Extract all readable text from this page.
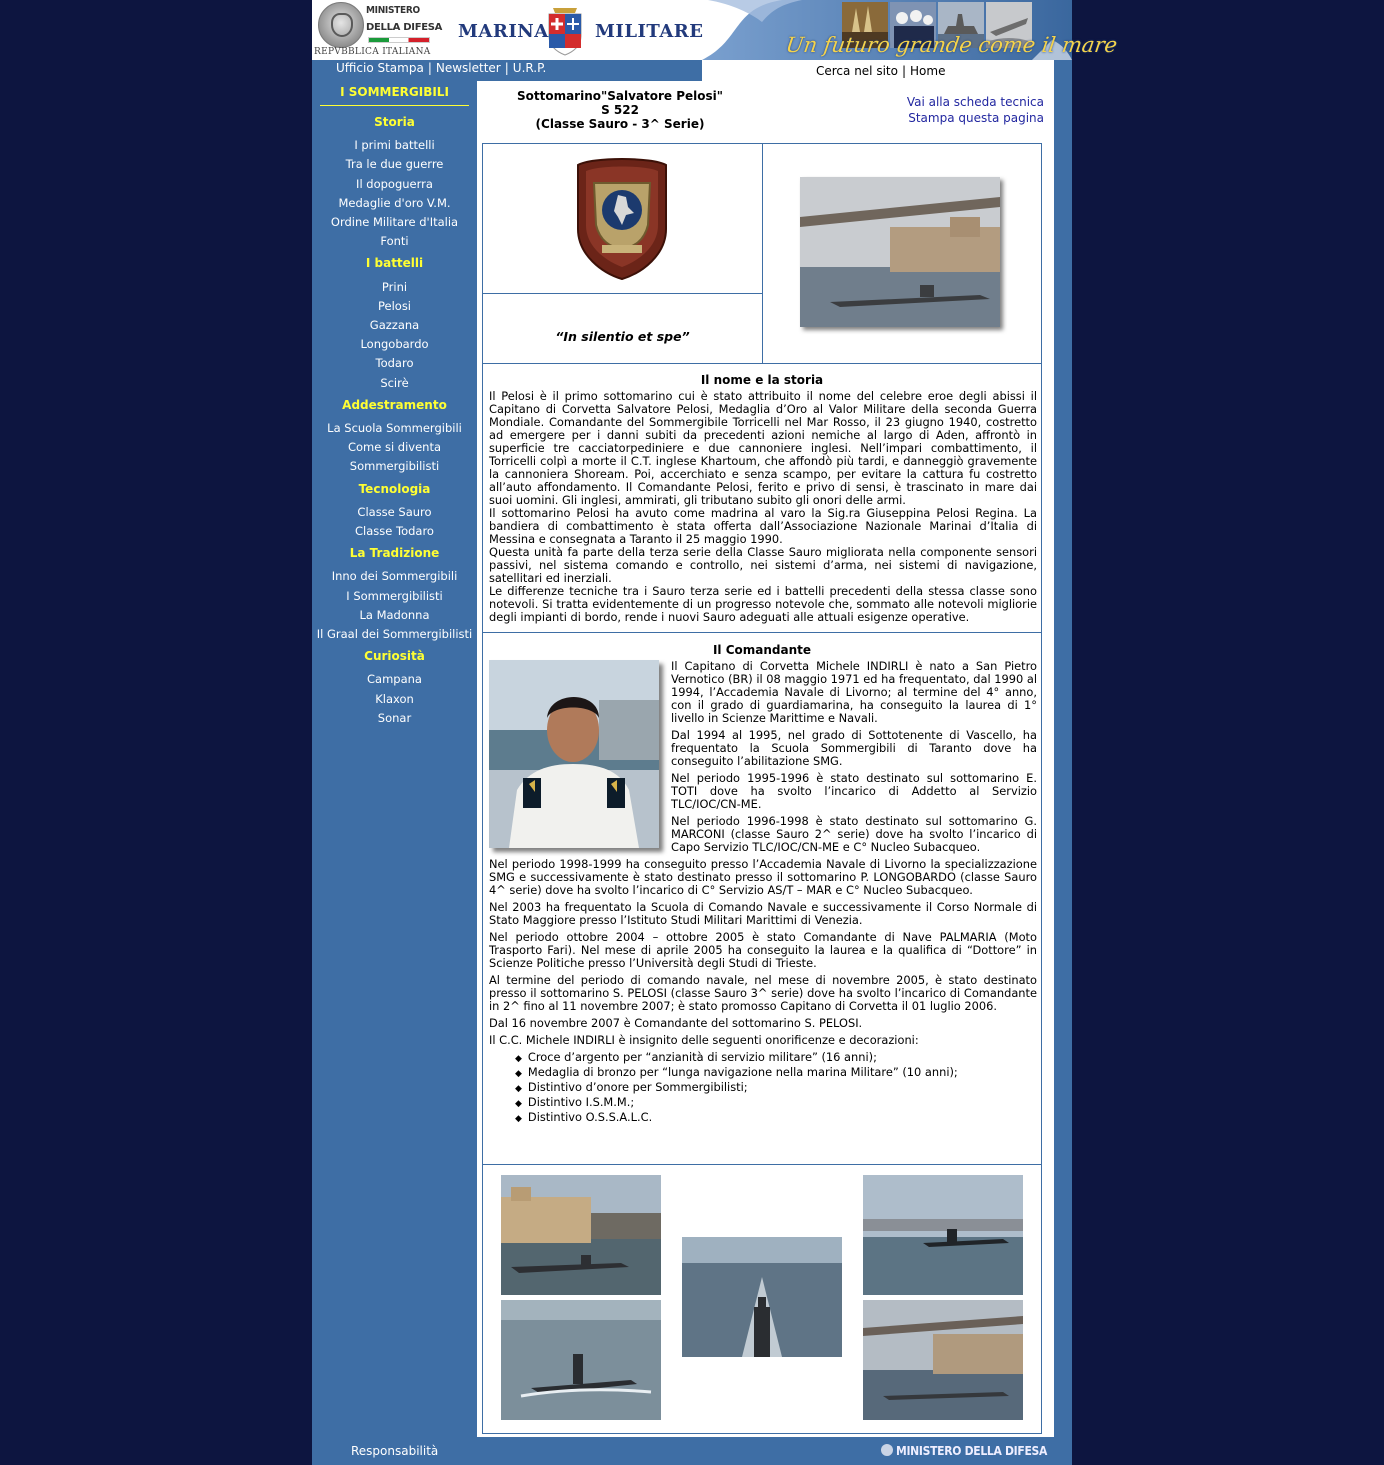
MINISTERO
DELLA DIFESA
REPVBBLICA ITALIANA
MARINA	MILITARE
Un futuro grande come il mare
Ufficio Stampa | Newsletter | U.R.P.	Cerca nel sito | Home
I SOMMERGIBILI
Storia
I primi battelli
Tra le due guerre
Il dopoguerra
Medaglie d'oro V.M.
Ordine Militare d'Italia
Fonti
I battelli
Prini
Pelosi
Gazzana
Longobardo
Todaro
Scirè
Addestramento
La Scuola Sommergibili
Come si diventa
Sommergibilisti
Tecnologia
Classe Sauro
Classe Todaro
La Tradizione
Inno dei Sommergibili
I Sommergibilisti
La Madonna
Il Graal dei Sommergibilisti
Curiosità
Campana
Klaxon
Sonar
Sottomarino"Salvatore Pelosi"
S 522
(Classe Sauro - 3^ Serie)
Vai alla scheda tecnica
Stampa questa pagina
“In silentio et spe”
Il nome e la storia
Il Pelosi è il primo sottomarino cui è stato attribuito il nome del celebre eroe degli abissi il Capitano di Corvetta Salvatore Pelosi, Medaglia d’Oro al Valor Militare della seconda Guerra Mondiale. Comandante del Sommergibile Torricelli nel Mar Rosso, il 23 giugno 1940, costretto ad emergere per i danni subiti da precedenti azioni nemiche al largo di Aden, affrontò in superficie tre cacciatorpediniere e due cannoniere inglesi. Nell’impari combattimento, il Torricelli colpì a morte il C.T. inglese Khartoum, che affondò più tardi, e danneggiò gravemente la cannoniera Shoream. Poi, accerchiato e senza scampo, per evitare la cattura fu costretto all’auto affondamento. Il Comandante Pelosi, ferito e privo di sensi, è trascinato in mare dai suoi uomini. Gli inglesi, ammirati, gli tributano subito gli onori delle armi.
Il sottomarino Pelosi ha avuto come madrina al varo la Sig.ra Giuseppina Pelosi Regina. La bandiera di combattimento è stata offerta dall’Associazione Nazionale Marinai d’Italia di Messina e consegnata a Taranto il 25 maggio 1990.
Questa unità fa parte della terza serie della Classe Sauro migliorata nella componente sensori passivi, nel sistema comando e controllo, nei sistemi d’arma, nei sistemi di navigazione, satellitari ed inerziali.
Le differenze tecniche tra i Sauro terza serie ed i battelli precedenti della stessa classe sono notevoli. Si tratta evidentemente di un progresso notevole che, sommato alle notevoli migliorie degli impianti di bordo, rende i nuovi Sauro adeguati alle attuali esigenze operative.
Il Comandante
Il Capitano di Corvetta Michele INDIRLI è nato a San Pietro Vernotico (BR) il 08 maggio 1971 ed ha frequentato, dal 1990 al 1994, l’Accademia Navale di Livorno; al termine del 4° anno, con il grado di guardiamarina, ha conseguito la laurea di 1° livello in Scienze Marittime e Navali.
Dal 1994 al 1995, nel grado di Sottotenente di Vascello, ha frequentato la Scuola Sommergibili di Taranto dove ha conseguito l’abilitazione SMG.
Nel periodo 1995-1996 è stato destinato sul sottomarino E. TOTI dove ha svolto l’incarico di Addetto al Servizio TLC/IOC/CN-ME.
Nel periodo 1996-1998 è stato destinato sul sottomarino G. MARCONI (classe Sauro 2^ serie) dove ha svolto l’incarico di Capo Servizio TLC/IOC/CN-ME e C° Nucleo Subacqueo.
Nel periodo 1998-1999 ha conseguito presso l’Accademia Navale di Livorno la specializzazione SMG e successivamente è stato destinato presso il sottomarino P. LONGOBARDO (classe Sauro 4^ serie) dove ha svolto l’incarico di C° Servizio AS/T – MAR e C° Nucleo Subacqueo.
Nel 2003 ha frequentato la Scuola di Comando Navale e successivamente il Corso Normale di Stato Maggiore presso l’Istituto Studi Militari Marittimi di Venezia.
Nel periodo ottobre 2004 – ottobre 2005 è stato Comandante di Nave PALMARIA (Moto Trasporto Fari). Nel mese di aprile 2005 ha conseguito la laurea e la qualifica di “Dottore” in Scienze Politiche presso l’Università degli Studi di Trieste.
Al termine del periodo di comando navale, nel mese di novembre 2005, è stato destinato presso il sottomarino S. PELOSI (classe Sauro 3^ serie) dove ha svolto l’incarico di Comandante in 2^ fino al 11 novembre 2007; è stato promosso Capitano di Corvetta il 01 luglio 2006.
Dal 16 novembre 2007 è Comandante del sottomarino S. PELOSI.
Il C.C. Michele INDIRLI è insignito delle seguenti onorificenze e decorazioni:
◆ Croce d’argento per “anzianità di servizio militare” (16 anni);
◆ Medaglia di bronzo per “lunga navigazione nella marina Militare” (10 anni);
◆ Distintivo d’onore per Sommergibilisti;
◆ Distintivo I.S.M.M.;
◆ Distintivo O.S.S.A.L.C.
Responsabilità	MINISTERO DELLA DIFESA
